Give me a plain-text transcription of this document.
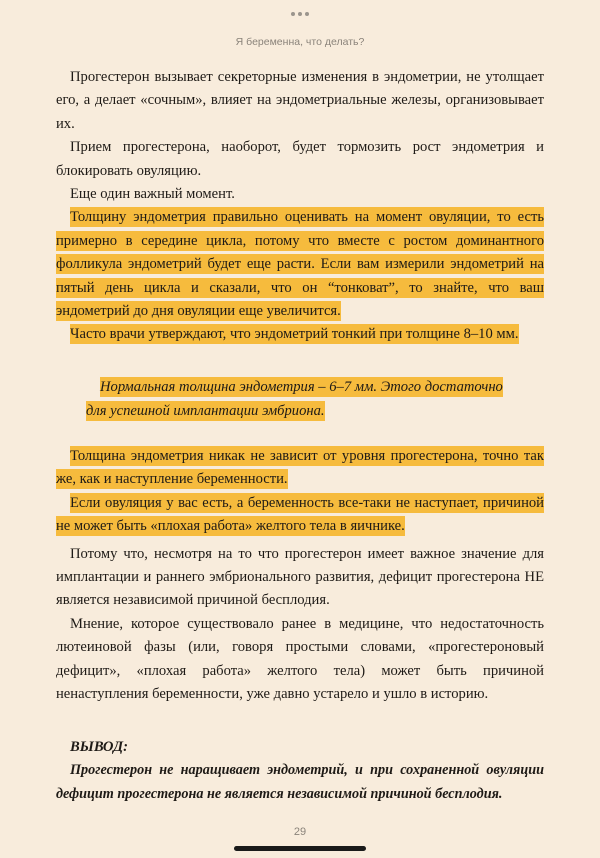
Я беременна, что делать?

Прогестерон вызывает секреторные изменения в эндометрии, не утолщает его, а делает «сочным», влияет на эндометриальные железы, организовывает их.

Прием прогестерона, наоборот, будет тормозить рост эндометрия и блокировать овуляцию.

Еще один важный момент.

Толщину эндометрия правильно оценивать на момент овуляции, то есть примерно в середине цикла, потому что вместе с ростом доминантного фолликула эндометрий будет еще расти. Если вам измерили эндометрий на пятый день цикла и сказали, что он “тонковат”, то знайте, что ваш эндометрий до дня овуляции еще увеличится.

Часто врачи утверждают, что эндометрий тонкий при толщине 8–10 мм.

Нормальная толщина эндометрия – 6–7 мм. Этого достаточно для успешной имплантации эмбриона.

Толщина эндометрия никак не зависит от уровня прогестерона, точно так же, как и наступление беременности.

Если овуляция у вас есть, а беременность все-таки не наступает, причиной не может быть «плохая работа» желтого тела в яичнике.

Потому что, несмотря на то что прогестерон имеет важное значение для имплантации и раннего эмбрионального развития, дефицит прогестерона НЕ является независимой причиной бесплодия.

Мнение, которое существовало ранее в медицине, что недостаточность лютеиновой фазы (или, говоря простыми словами, «прогестероновый дефицит», «плохая работа» желтого тела) может быть причиной ненаступления беременности, уже давно устарело и ушло в историю.

ВЫВОД:
Прогестерон не наращивает эндометрий, и при сохраненной овуляции дефицит прогестерона не является независимой причиной бесплодия.
29
